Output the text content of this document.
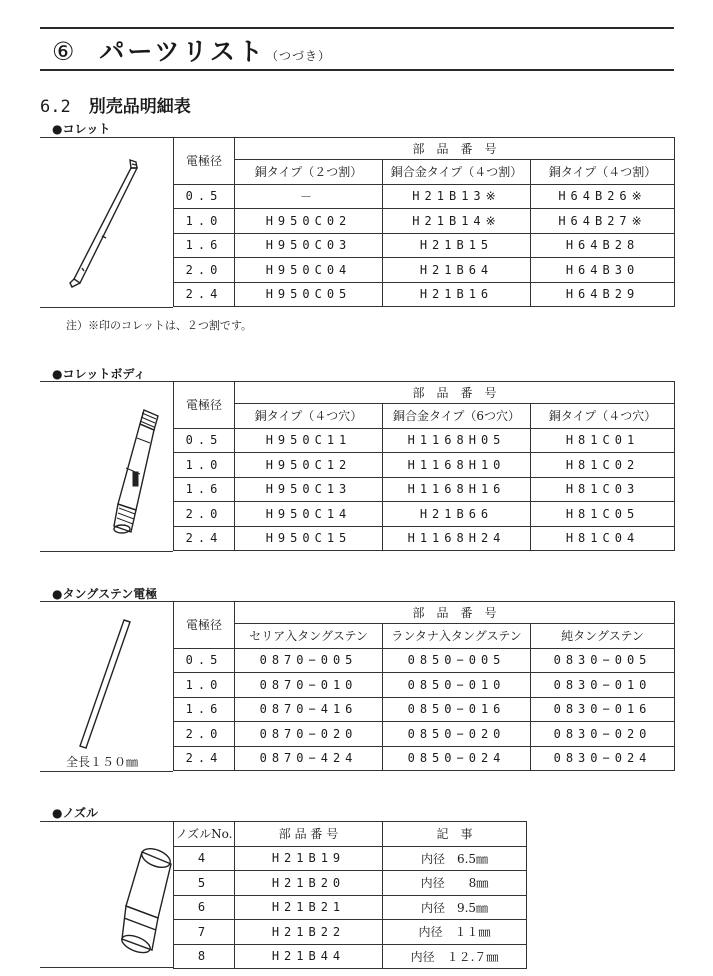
⑥ パーツリスト（つづき）
6.2 別売品明細表
●コレット
電極径	部　品　番　号		
	銅タイプ（２つ割）	銅合金タイプ（４つ割）	銅タイプ（４つ割）
0.5	－	H21B13※	H64B26※
1.0	H950C02	H21B14※	H64B27※
1.6	H950C03	H21B15	H64B28
2.0	H950C04	H21B64	H64B30
2.4	H950C05	H21B16	H64B29
注）※印のコレットは、２つ割です。
●コレットボディ
電極径	部　品　番　号		
	銅タイプ（４つ穴）	銅合金タイプ（6つ穴）	銅タイプ（４つ穴）
0.5	H950C11	H1168H05	H81C01
1.0	H950C12	H1168H10	H81C02
1.6	H950C13	H1168H16	H81C03
2.0	H950C14	H21B66	H81C05
2.4	H950C15	H1168H24	H81C04
●タングステン電極
全長１５０㎜
電極径	部　品　番　号		
	セリア入タングステン	ランタナ入タングステン	純タングステン
0.5	0870−005	0850−005	0830−005
1.0	0870−010	0850−010	0830−010
1.6	0870−416	0850−016	0830−016
2.0	0870−020	0850−020	0830−020
2.4	0870−424	0850−024	0830−024
●ノズル
ノズルNo.	部 品 番 号	記　事
4	H21B19	内径　6.5㎜
5	H21B20	内径　　8㎜
6	H21B21	内径　9.5㎜
7	H21B22	内径　１１㎜
8	H21B44	内径　１２.７㎜
